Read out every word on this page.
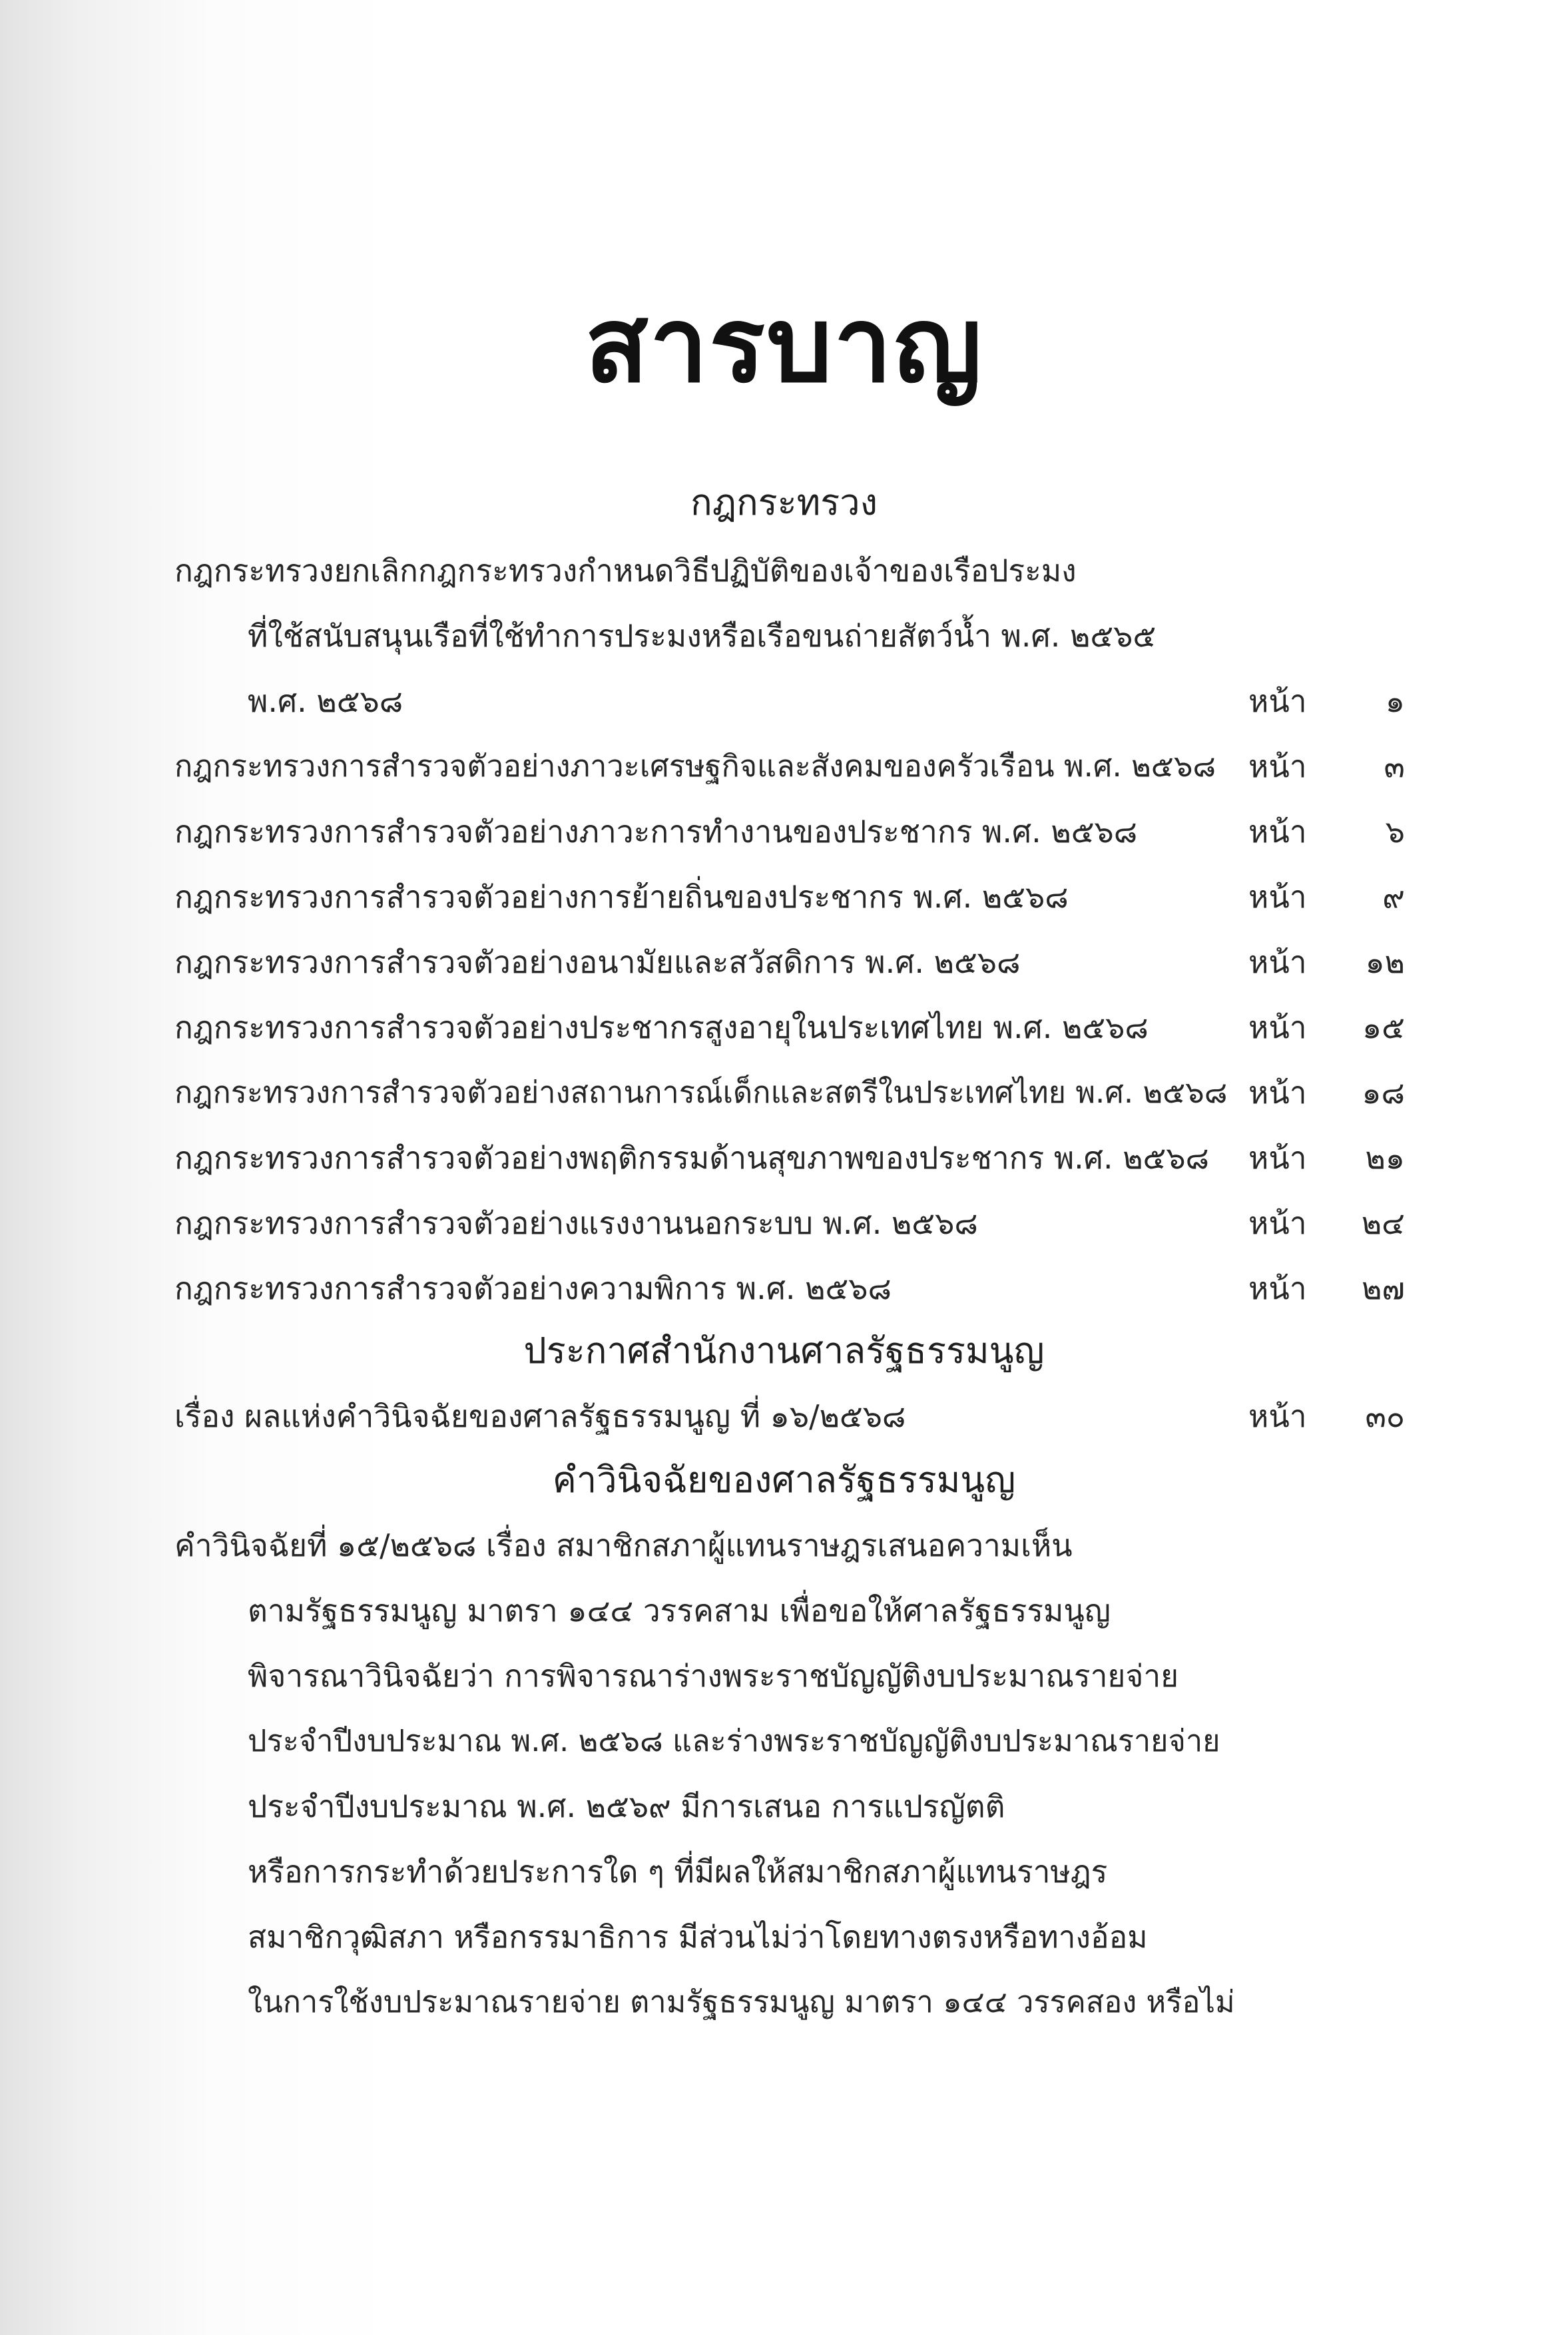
สารบาญ
กฎกระทรวง
กฎกระทรวงยกเลิกกฎกระทรวงกำหนดวิธีปฏิบัติของเจ้าของเรือประมง
ที่ใช้สนับสนุนเรือที่ใช้ทำการประมงหรือเรือขนถ่ายสัตว์น้ำ พ.ศ. ๒๕๖๕
พ.ศ. ๒๕๖๘	หน้า	๑
กฎกระทรวงการสำรวจตัวอย่างภาวะเศรษฐกิจและสังคมของครัวเรือน พ.ศ. ๒๕๖๘ หน้า	๓
กฎกระทรวงการสำรวจตัวอย่างภาวะการทำงานของประชากร พ.ศ. ๒๕๖๘	หน้า	๖
กฎกระทรวงการสำรวจตัวอย่างการย้ายถิ่นของประชากร พ.ศ. ๒๕๖๘	หน้า	๙
กฎกระทรวงการสำรวจตัวอย่างอนามัยและสวัสดิการ พ.ศ. ๒๕๖๘	หน้า	๑๒
กฎกระทรวงการสำรวจตัวอย่างประชากรสูงอายุในประเทศไทย พ.ศ. ๒๕๖๘	หน้า	๑๕
กฎกระทรวงการสำรวจตัวอย่างสถานการณ์เด็กและสตรีในประเทศไทย พ.ศ. ๒๕๖๘ หน้า	๑๘
กฎกระทรวงการสำรวจตัวอย่างพฤติกรรมด้านสุขภาพของประชากร พ.ศ. ๒๕๖๘ หน้า	๒๑
กฎกระทรวงการสำรวจตัวอย่างแรงงานนอกระบบ พ.ศ. ๒๕๖๘	หน้า	๒๔
กฎกระทรวงการสำรวจตัวอย่างความพิการ พ.ศ. ๒๕๖๘	หน้า	๒๗
ประกาศสำนักงานศาลรัฐธรรมนูญ
เรื่อง ผลแห่งคำวินิจฉัยของศาลรัฐธรรมนูญ ที่ ๑๖/๒๕๖๘	หน้า	๓๐
คำวินิจฉัยของศาลรัฐธรรมนูญ
คำวินิจฉัยที่ ๑๕/๒๕๖๘ เรื่อง สมาชิกสภาผู้แทนราษฎรเสนอความเห็น
ตามรัฐธรรมนูญ มาตรา ๑๔๔ วรรคสาม เพื่อขอให้ศาลรัฐธรรมนูญ
พิจารณาวินิจฉัยว่า การพิจารณาร่างพระราชบัญญัติงบประมาณรายจ่าย
ประจำปีงบประมาณ พ.ศ. ๒๕๖๘ และร่างพระราชบัญญัติงบประมาณรายจ่าย
ประจำปีงบประมาณ พ.ศ. ๒๕๖๙ มีการเสนอ การแปรญัตติ
หรือการกระทำด้วยประการใด ๆ ที่มีผลให้สมาชิกสภาผู้แทนราษฎร
สมาชิกวุฒิสภา หรือกรรมาธิการ มีส่วนไม่ว่าโดยทางตรงหรือทางอ้อม
ในการใช้งบประมาณรายจ่าย ตามรัฐธรรมนูญ มาตรา ๑๔๔ วรรคสอง หรือไม่
